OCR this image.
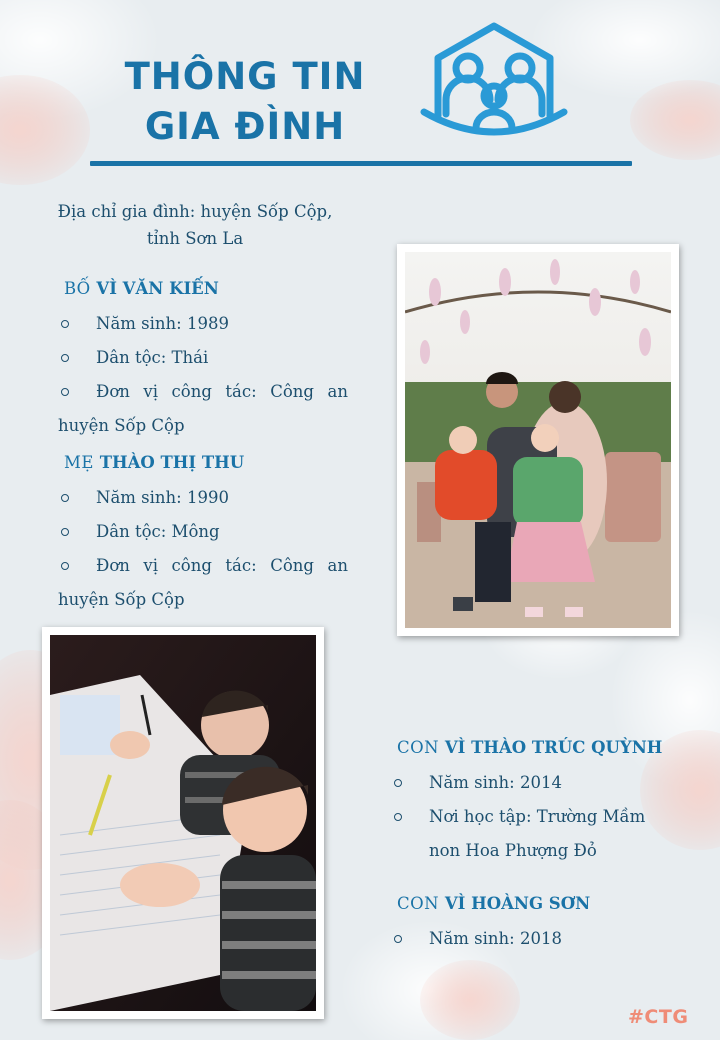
THÔNG TIN
GIA ĐÌNH
Địa chỉ gia đình: huyện Sốp Cộp,
tỉnh Sơn La
BỐ VÌ VĂN KIẾN
Năm sinh: 1989
Dân tộc: Thái
Đơn vị công tác: Công an
huyện Sốp Cộp
MẸ THÀO THỊ THU
Năm sinh: 1990
Dân tộc: Mông
Đơn vị công tác: Công an
huyện Sốp Cộp
CON VÌ THÀO TRÚC QUỲNH
Năm sinh: 2014
Nơi học tập: Trường Mầm
non Hoa Phượng Đỏ
CON VÌ HOÀNG SƠN
Năm sinh: 2018
#CTG
